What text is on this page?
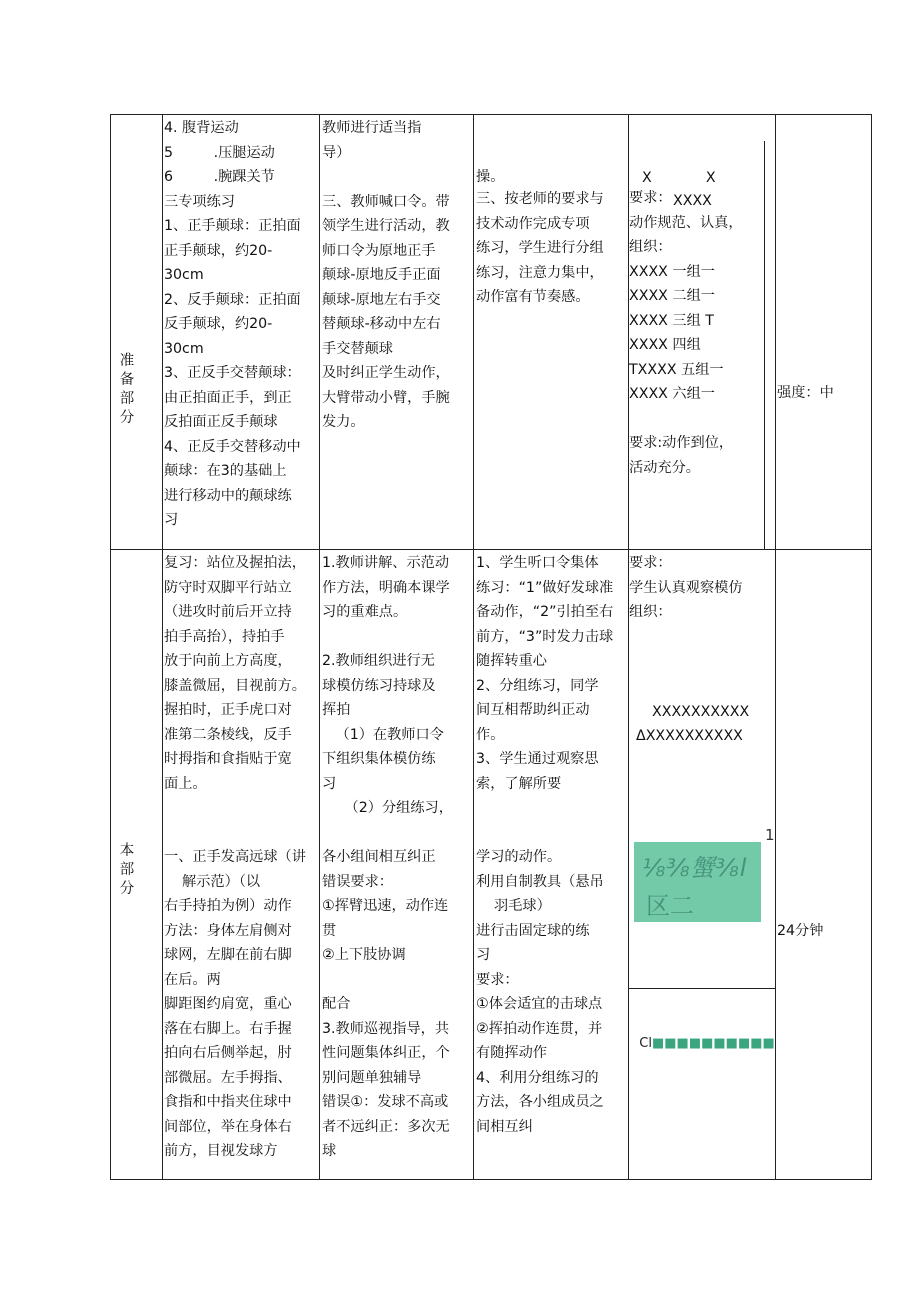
准备部分
本部分
4. 腹背运动
5         .压腿运动
6         .腕踝关节
三专项练习
1、正手颠球：正拍面
正手颠球，约20-
30cm
2、反手颠球：正拍面
反手颠球，约20-
30cm
3、正反手交替颠球：
由正拍面正手，到正
反拍面正反手颠球
4、正反手交替移动中
颠球：在3的基础上
进行移动中的颠球练
习
教师进行适当指
导）

三、教师喊口令。带
领学生进行活动，教
师口令为原地正手
颠球-原地反手正面
颠球-原地左右手交
替颠球-移动中左右
手交替颠球
及时纠正学生动作，
大臂带动小臂，手腕
发力。

操。

三、按老师的要求与
技术动作完成专项
练习，学生进行分组
练习，注意力集中，
动作富有节奏感。

X            X

XXXX

要求：
动作规范、认真，
组织：
XXXX 一组一
XXXX 二组一
XXXX 三组 T
XXXX 四组
TXXXX 五组一
XXXX 六组一

要求:动作到位，
活动充分。

强度：中

复习：站位及握拍法，
防守时双脚平行站立
（进攻时前后开立持
拍手高抬），持拍手
放于向前上方高度，
膝盖微屈，目视前方。
握拍时，正手虎口对
准第二条棱线，反手
时拇指和食指贴于宽
面上。

一、正手发高远球（讲
解示范）（以
右手持拍为例）动作
方法：身体左肩侧对
球网，左脚在前右脚
在后。两
脚距图约肩宽，重心
落在右脚上。右手握
拍向右后侧举起，肘
部微屈。左手拇指、
食指和中指夹住球中
间部位，举在身体右
前方，目视发球方
1.教师讲解、示范动
作方法，明确本课学
习的重难点。

2.教师组织进行无
球模仿练习持球及
挥拍
（1）在教师口令
下组织集体模仿练
习
（2）分组练习，

各小组间相互纠正
错误要求：
①挥臂迅速，动作连
贯
②上下肢协调

配合
3.教师巡视指导，共
性问题集体纠正，个
别问题单独辅导
错误①：发球不高或
者不远纠正：多次无
球
1、学生听口令集体
练习：“1”做好发球准
备动作，“2”引拍至右
前方，“3”时发力击球
随挥转重心
2、分组练习，同学
间互相帮助纠正动
作。
3、学生通过观察思
索，了解所要

学习的动作。
利用自制教具（悬吊
羽毛球）
进行击固定球的练
习
要求：
①体会适宜的击球点
②挥拍动作连贯，并
有随挥动作
4、利用分组练习的
方法，各小组成员之
间相互纠
要求：
学生认真观察模仿
组织：

XXXXXXXXXX

ΔXXXXXXXXXX

⅛⅜蟹⅜l
区二
1

Cl■■■■■■■■■■

24分钟
